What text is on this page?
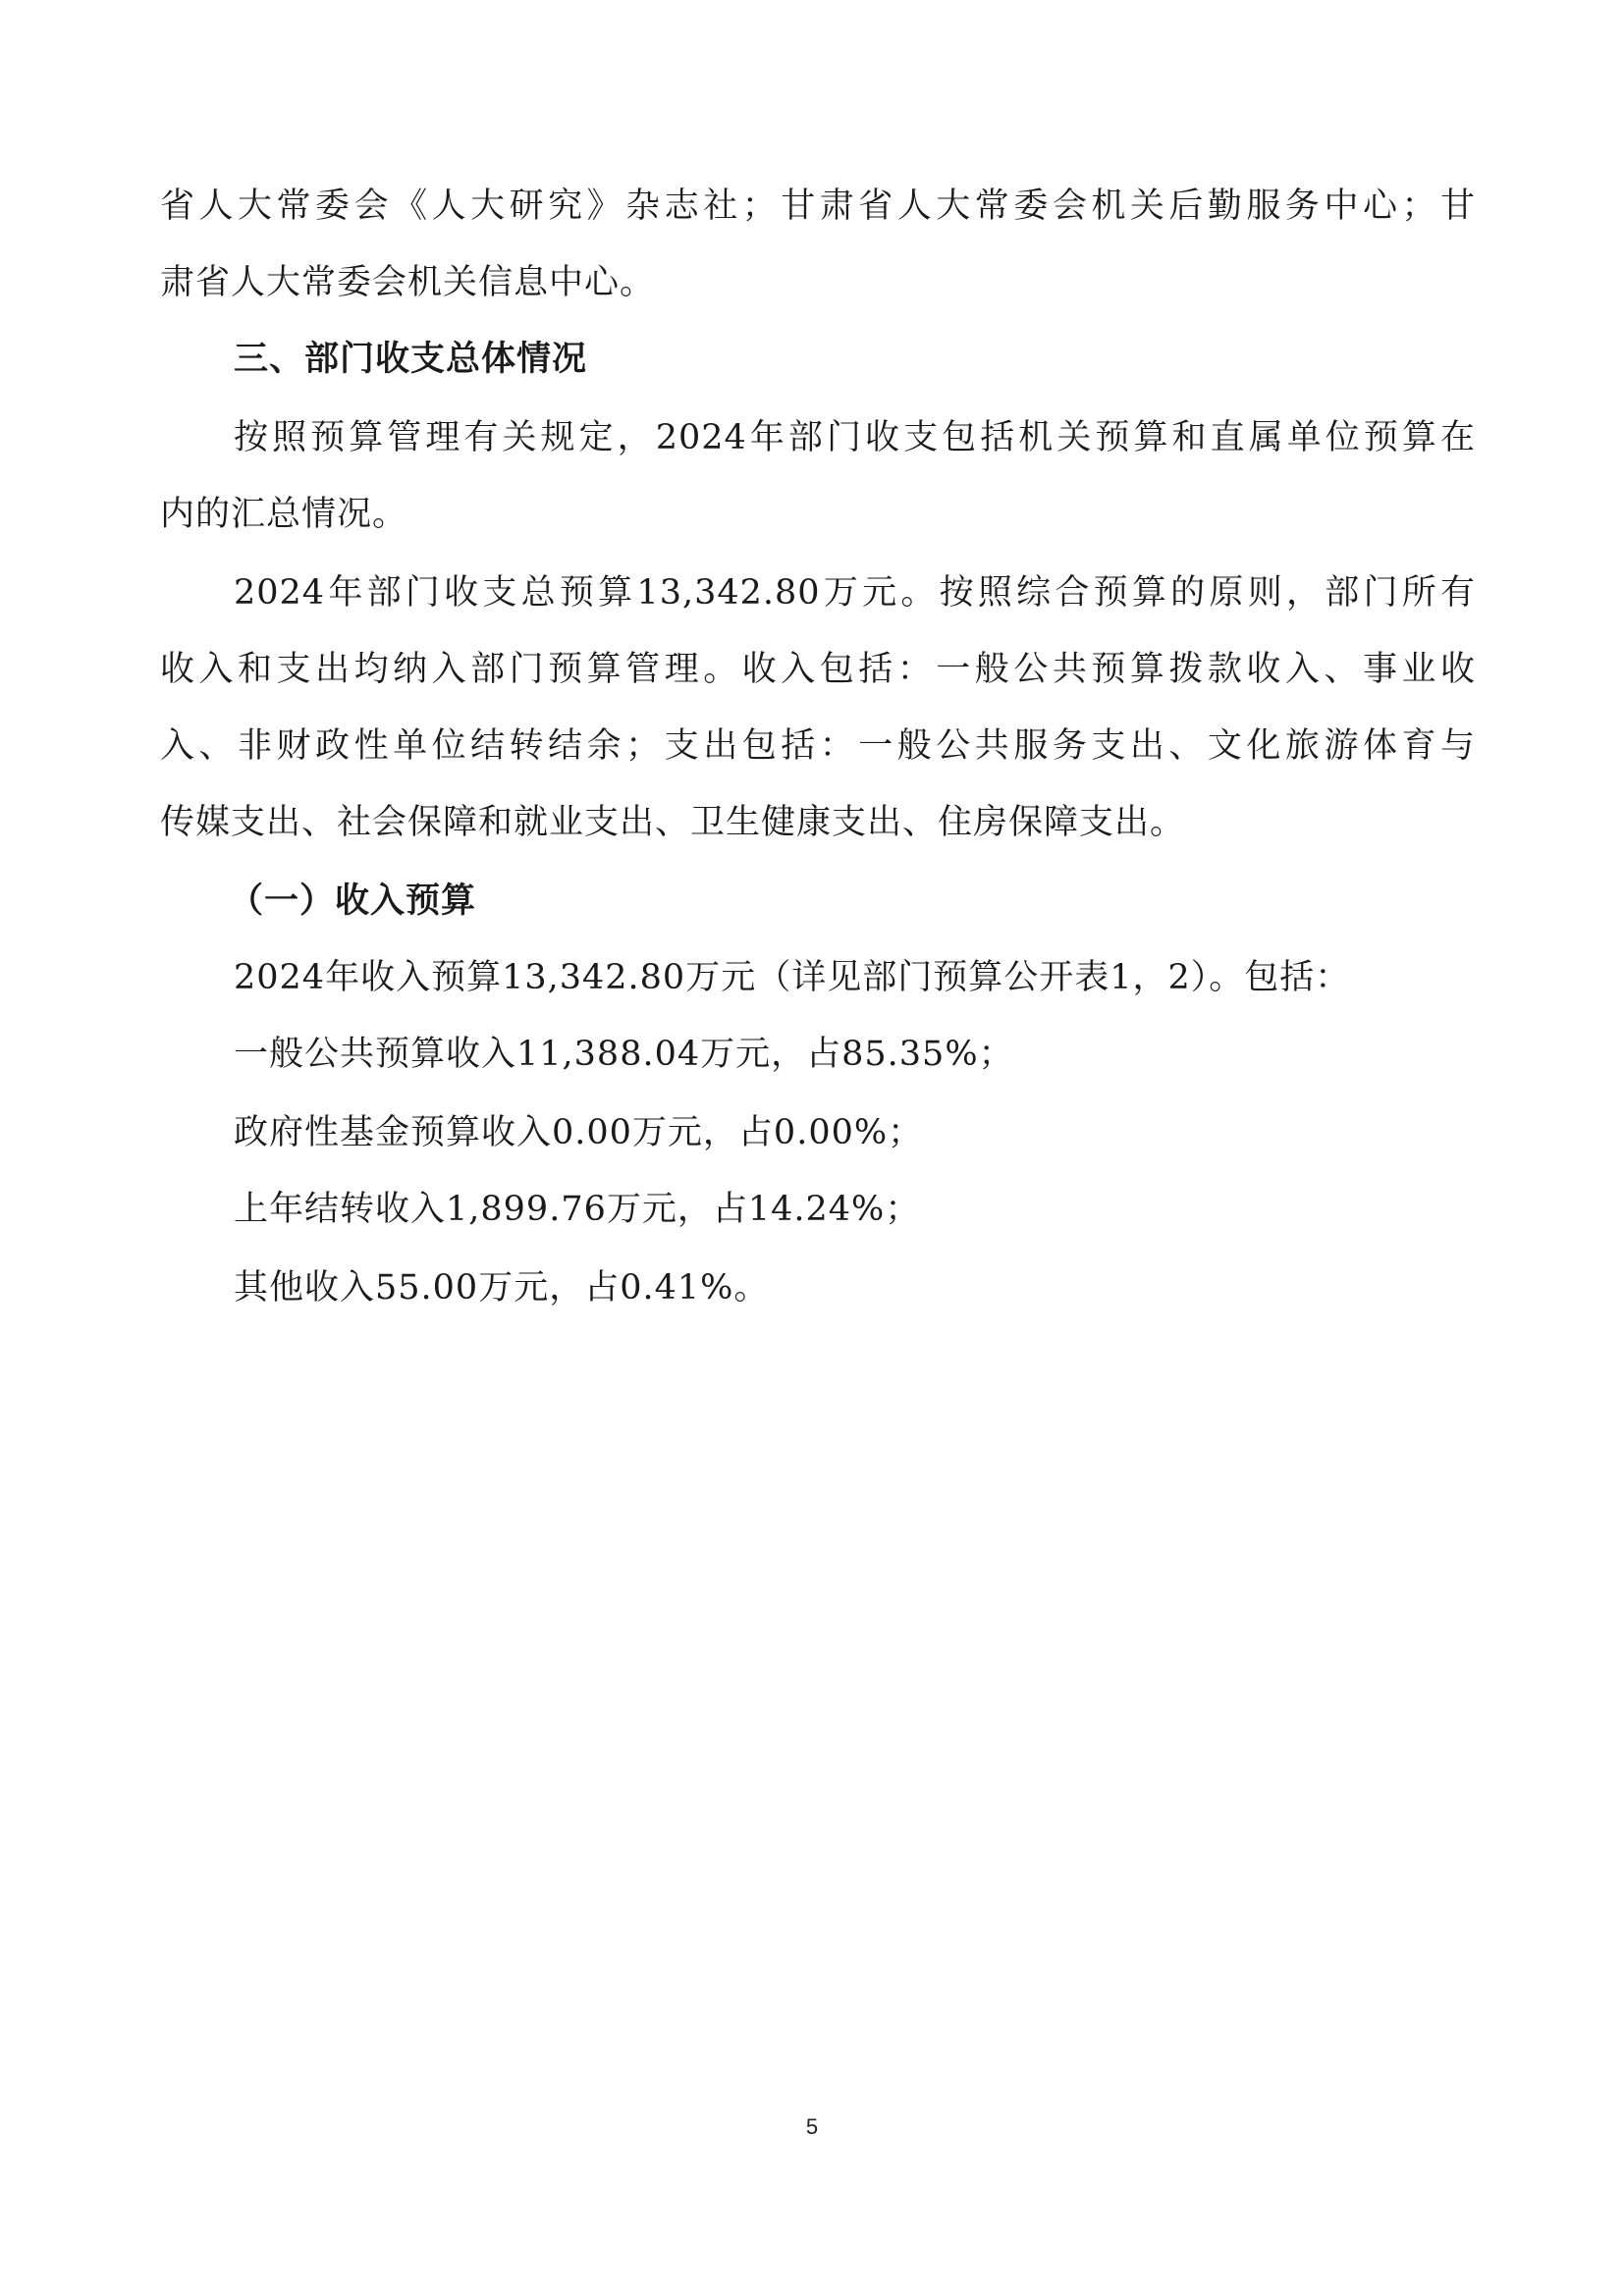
省人大常委会《人大研究》杂志社；甘肃省人大常委会机关后勤服务中心；甘
肃省人大常委会机关信息中心。
三、部门收支总体情况
按照预算管理有关规定，2024年部门收支包括机关预算和直属单位预算在
内的汇总情况。
2024年部门收支总预算13,342.80万元。按照综合预算的原则，部门所有
收入和支出均纳入部门预算管理。收入包括：一般公共预算拨款收入、事业收
入、非财政性单位结转结余；支出包括：一般公共服务支出、文化旅游体育与
传媒支出、社会保障和就业支出、卫生健康支出、住房保障支出。
（一）收入预算
2024年收入预算13,342.80万元（详见部门预算公开表1，2）。包括：
一般公共预算收入11,388.04万元，占85.35%；
政府性基金预算收入0.00万元，占0.00%；
上年结转收入1,899.76万元，占14.24%；
其他收入55.00万元，占0.41%。
5
